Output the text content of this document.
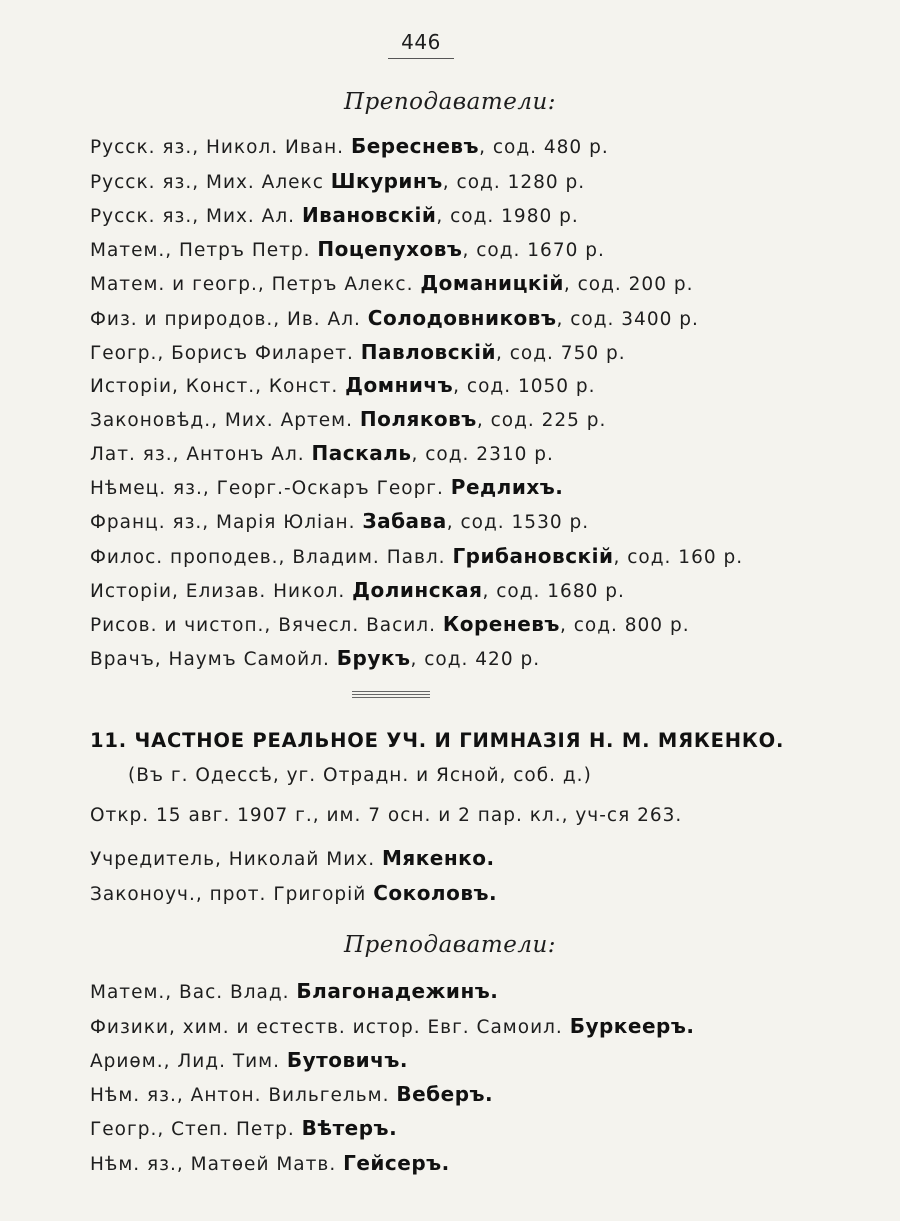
446
Преподаватели:
Русск. яз., Никол. Иван. Бересневъ, сод. 480 р.
Русск. яз., Мих. Алекс Шкуринъ, сод. 1280 р.
Русск. яз., Мих. Ал. Ивановскій, сод. 1980 р.
Матем., Петръ Петр. Поцепуховъ, сод. 1670 р.
Матем. и геогр., Петръ Алекс. Доманицкій, сод. 200 р.
Физ. и природов., Ив. Ал. Солодовниковъ, сод. 3400 р.
Геогр., Борисъ Филарет. Павловскій, сод. 750 р.
Исторіи, Конст., Конст. Домничъ, сод. 1050 р.
Законовѣд., Мих. Артем. Поляковъ, сод. 225 р.
Лат. яз., Антонъ Ал. Паскаль, сод. 2310 р.
Нѣмец. яз., Георг.-Оскаръ Георг. Редлихъ.
Франц. яз., Марія Юліан. Забава, сод. 1530 р.
Филос. проподев., Владим. Павл. Грибановскій, сод. 160 р.
Исторіи, Елизав. Никол. Долинская, сод. 1680 р.
Рисов. и чистоп., Вячесл. Васил. Кореневъ, сод. 800 р.
Врачъ, Наумъ Самойл. Брукъ, сод. 420 р.
11. ЧАСТНОЕ РЕАЛЬНОЕ УЧ. И ГИМНАЗІЯ Н. М. МЯКЕНКО.
(Въ г. Одессѣ, уг. Отрадн. и Ясной, соб. д.)
Откр. 15 авг. 1907 г., им. 7 осн. и 2 пар. кл., уч-ся 263.
Учредитель, Николай Мих. Мякенко.
Законоуч., прот. Григорій Соколовъ.
Преподаватели:
Матем., Вас. Влад. Благонадежинъ.
Физики, хим. и естеств. истор. Евг. Самоил. Буркееръ.
Ариѳм., Лид. Тим. Бутовичъ.
Нѣм. яз., Антон. Вильгельм. Веберъ.
Геогр., Степ. Петр. Вѣтеръ.
Нѣм. яз., Матѳей Матв. Гейсеръ.
